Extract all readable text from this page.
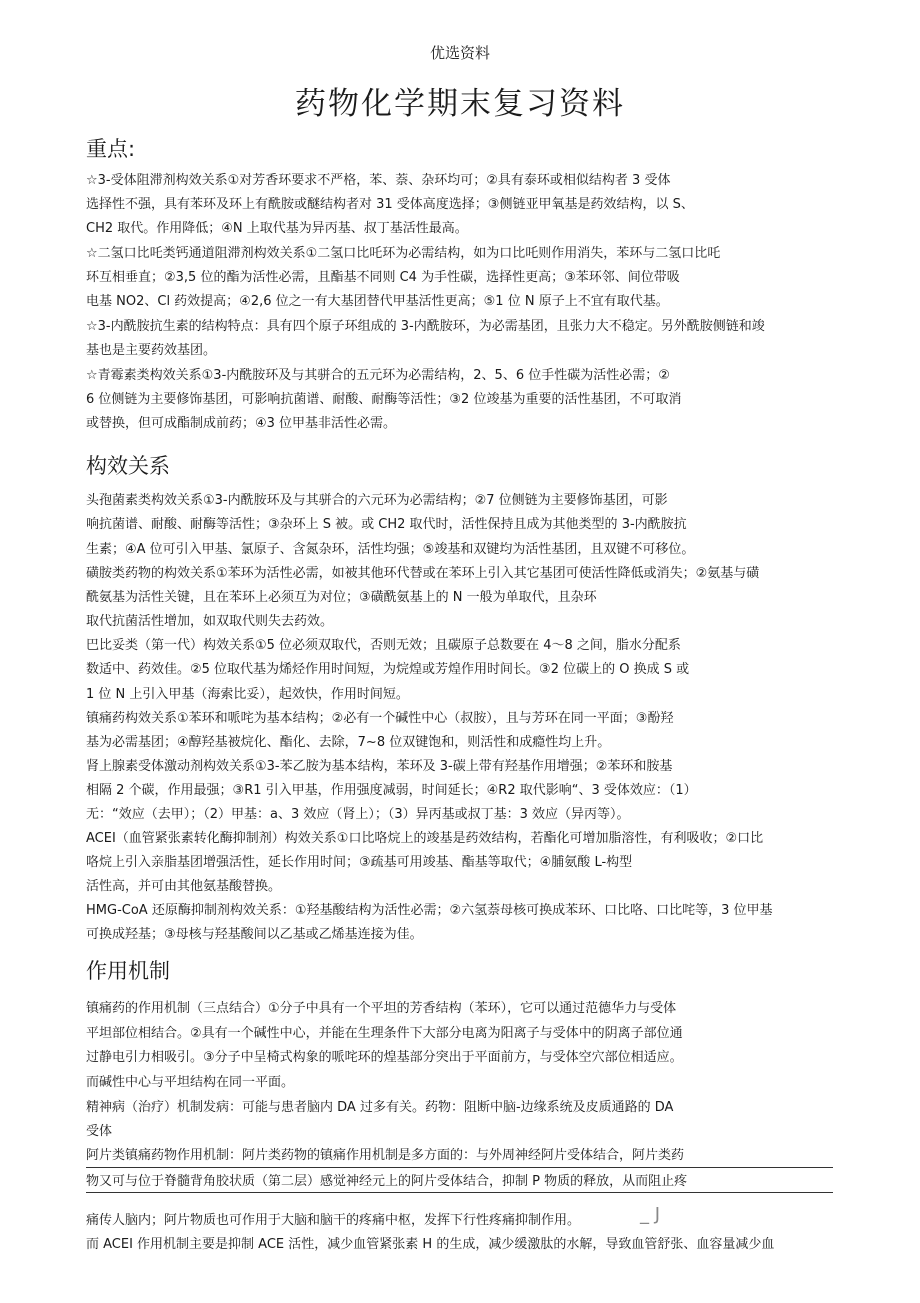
优选资料
药物化学期末复习资料
重点:
构效关系
作用机制
☆3-受体阻滞剂构效关系①对芳香环要求不严格，苯、萘、杂环均可；②具有泰环或相似结构者 3 受体
选择性不强，具有苯环及环上有酰胺或醚结构者对 31 受体高度选择；③侧链亚甲氧基是药效结构，以 S、
CH2 取代。作用降低；④N 上取代基为异丙基、叔丁基活性最高。
☆二氢口比吒类钙通道阻滞剂构效关系①二氢口比吒环为必需结构，如为口比吒则作用消失，苯环与二氢口比吒
环互相垂直；②3,5 位的酯为活性必需，且酯基不同则 C4 为手性碳，选择性更高；③苯环邻、间位带吸
电基 NO2、Cl 药效提高；④2,6 位之一有大基团替代甲基活性更高；⑤1 位 N 原子上不宜有取代基。
☆3-内酰胺抗生素的结构特点：具有四个原子环组成的 3-内酰胺环，为必需基团，且张力大不稳定。另外酰胺侧链和竣
基也是主要药效基团。
☆青霉素类构效关系①3-内酰胺环及与其骈合的五元环为必需结构，2、5、6 位手性碳为活性必需；②
6 位侧链为主要修饰基团，可影响抗菌谱、耐酸、耐酶等活性；③2 位竣基为重要的活性基团，不可取消
或替换，但可成酯制成前药；④3 位甲基非活性必需。
头孢菌素类构效关系①3-内酰胺环及与其骈合的六元环为必需结构；②7 位侧链为主要修饰基团，可影
响抗菌谱、耐酸、耐酶等活性；③杂环上 S 被。或 CH2 取代时，活性保持且成为其他类型的 3-内酰胺抗
生素；④A 位可引入甲基、氯原子、含氮杂环，活性均强；⑤竣基和双键均为活性基团，且双键不可移位。
磺胺类药物的构效关系①苯环为活性必需，如被其他环代替或在苯环上引入其它基团可使活性降低或消失；②氨基与磺
酰氨基为活性关键，且在苯环上必须互为对位；③磺酰氨基上的 N 一般为单取代，且杂环
取代抗菌活性增加，如双取代则失去药效。
巴比妥类（第一代）构效关系①5 位必须双取代，否则无效；且碳原子总数要在 4〜8 之间，脂水分配系
数适中、药效佳。②5 位取代基为烯烃作用时间短，为烷煌或芳煌作用时间长。③2 位碳上的 O 换成 S 或
1 位 N 上引入甲基（海索比妥），起效快，作用时间短。
镇痛药构效关系①苯环和哌咤为基本结构；②必有一个碱性中心（叔胺），且与芳环在同一平面；③酚羟
基为必需基团；④醇羟基被烷化、酯化、去除，7~8 位双键饱和，则活性和成瘾性均上升。
肾上腺素受体激动剂构效关系①3-苯乙胺为基本结构，苯环及 3-碳上带有羟基作用增强；②苯环和胺基
相隔 2 个碳，作用最强；③R1 引入甲基，作用强度减弱，时间延长；④R2 取代影响“、3 受体效应：（1）
无：“效应（去甲）；（2）甲基：a、3 效应（肾上）；（3）异丙基或叔丁基：3 效应（异丙等）。
ACEI（血管紧张素转化酶抑制剂）构效关系①口比咯烷上的竣基是药效结构，若酯化可增加脂溶性，有利吸收；②口比
咯烷上引入亲脂基团增强活性，延长作用时间；③疏基可用竣基、酯基等取代；④脯氨酸 L-构型
活性高，并可由其他氨基酸替换。
HMG-CoA 还原酶抑制剂构效关系：①羟基酸结构为活性必需；②六氢萘母核可换成苯环、口比咯、口比咤等，3 位甲基
可换成羟基；③母核与羟基酸间以乙基或乙烯基连接为佳。
镇痛药的作用机制（三点结合）①分子中具有一个平坦的芳香结构（苯环），它可以通过范德华力与受体
平坦部位相结合。②具有一个碱性中心，并能在生理条件下大部分电离为阳离子与受体中的阴离子部位通
过静电引力相吸引。③分子中呈椅式构象的哌咤环的煌基部分突出于平面前方，与受体空穴部位相适应。
而碱性中心与平坦结构在同一平面。
精神病（治疗）机制发病：可能与患者脑内 DA 过多有关。药物：阻断中脑-边缘系统及皮质通路的 DA
受体
阿片类镇痛药物作用机制：阿片类药物的镇痛作用机制是多方面的：与外周神经阿片受体结合，阿片类药
物又可与位于脊髓背角胶状质（第二层）感觉神经元上的阿片受体结合，抑制 P 物质的释放，从而阻止疼
痛传人脑内；阿片物质也可作用于大脑和脑干的疼痛中枢，发挥下行性疼痛抑制作用。
而 ACEI 作用机制主要是抑制 ACE 活性，减少血管紧张素 H 的生成，减少缓激肽的水解，导致血管舒张、血容量减少血
_ J
